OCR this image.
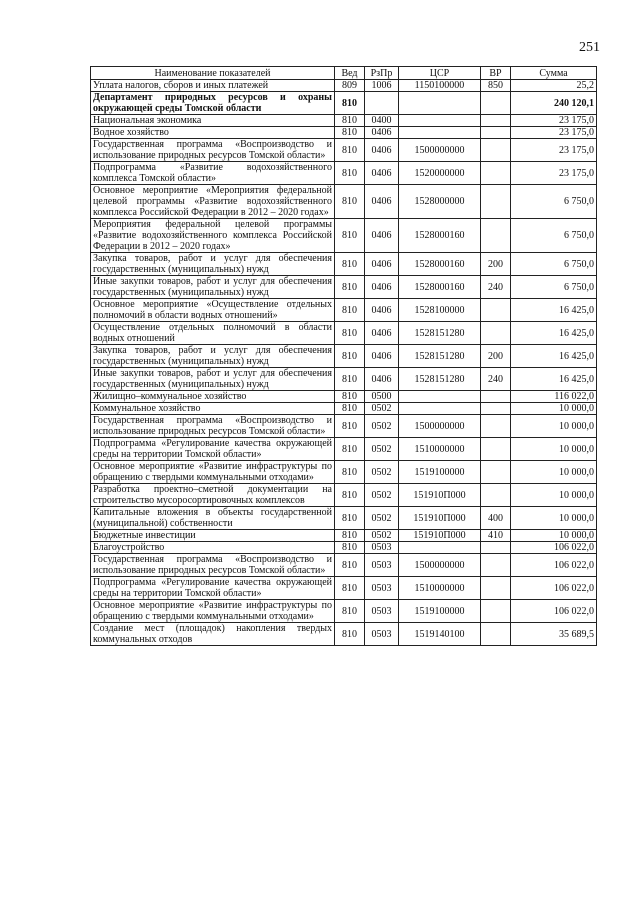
251
Наименование показателей	Вед	РзПр	ЦСР	ВР	Сумма
Уплата налогов, сборов и иных платежей	809	1006	1150100000	850	25,2
Департамент природных ресурсов и охраны окружающей среды Томской области	810				240 120,1
Национальная экономика	810	0400			23 175,0
Водное хозяйство	810	0406			23 175,0
Государственная программа «Воспроизводство и использование природных ресурсов Томской области»	810	0406	1500000000		23 175,0
Подпрограмма «Развитие водохозяйственного комплекса Томской области»	810	0406	1520000000		23 175,0
Основное мероприятие «Мероприятия федеральной целевой программы «Развитие водохозяйственного комплекса Российской Федерации в 2012 – 2020 годах»	810	0406	1528000000		6 750,0
Мероприятия федеральной целевой программы «Развитие водохозяйственного комплекса Российской Федерации в 2012 – 2020 годах»	810	0406	1528000160		6 750,0
Закупка товаров, работ и услуг для обеспечения государственных (муниципальных) нужд	810	0406	1528000160	200	6 750,0
Иные закупки товаров, работ и услуг для обеспечения государственных (муниципальных) нужд	810	0406	1528000160	240	6 750,0
Основное мероприятие «Осуществление отдельных полномочий в области водных отношений»	810	0406	1528100000		16 425,0
Осуществление отдельных полномочий в области водных отношений	810	0406	1528151280		16 425,0
Закупка товаров, работ и услуг для обеспечения государственных (муниципальных) нужд	810	0406	1528151280	200	16 425,0
Иные закупки товаров, работ и услуг для обеспечения государственных (муниципальных) нужд	810	0406	1528151280	240	16 425,0
Жилищно–коммунальное хозяйство	810	0500			116 022,0
Коммунальное хозяйство	810	0502			10 000,0
Государственная программа «Воспроизводство и использование природных ресурсов Томской области»	810	0502	1500000000		10 000,0
Подпрограмма «Регулирование качества окружающей среды на территории Томской области»	810	0502	1510000000		10 000,0
Основное мероприятие «Развитие инфраструктуры по обращению с твердыми коммунальными отходами»	810	0502	1519100000		10 000,0
Разработка проектно–сметной документации на строительство мусоросортировочных комплексов	810	0502	151910П000		10 000,0
Капитальные вложения в объекты государственной (муниципальной) собственности	810	0502	151910П000	400	10 000,0
Бюджетные инвестиции	810	0502	151910П000	410	10 000,0
Благоустройство	810	0503			106 022,0
Государственная программа «Воспроизводство и использование природных ресурсов Томской области»	810	0503	1500000000		106 022,0
Подпрограмма «Регулирование качества окружающей среды на территории Томской области»	810	0503	1510000000		106 022,0
Основное мероприятие «Развитие инфраструктуры по обращению с твердыми коммунальными отходами»	810	0503	1519100000		106 022,0
Создание мест (площадок) накопления твердых коммунальных отходов	810	0503	1519140100		35 689,5
